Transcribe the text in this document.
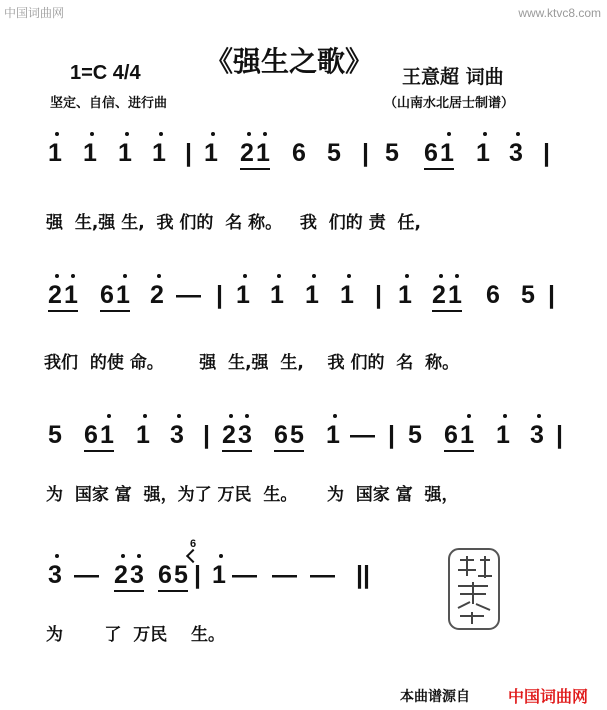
中国词曲网	www.ktvc8.com
1=C 4/4 《强生之歌》 王意超 词曲
坚定、自信、进行曲	（山南水北居士制谱）
1 1 1 1 | 1 2 1 6 5 | 5 6 1 1 3 |
强  生,强 生,  我 们的  名 称。   我  们的 责  任,
2 1 6 1 2 — | 1 1 1 1 | 1 2 1 6 5 |
我们  的使 命。      强  生,强  生,    我 们的  名  称。
5 6 1 1 3 | 2 3 6 5 1 — | 5 6 1 1 3 |
为  国家 富  强，为了 万民  生。     为  国家 富  强，
3 — 2 3 6 5
6
| 1 — — — ||
为       了  万民    生。
本曲谱源自 中国词曲网
